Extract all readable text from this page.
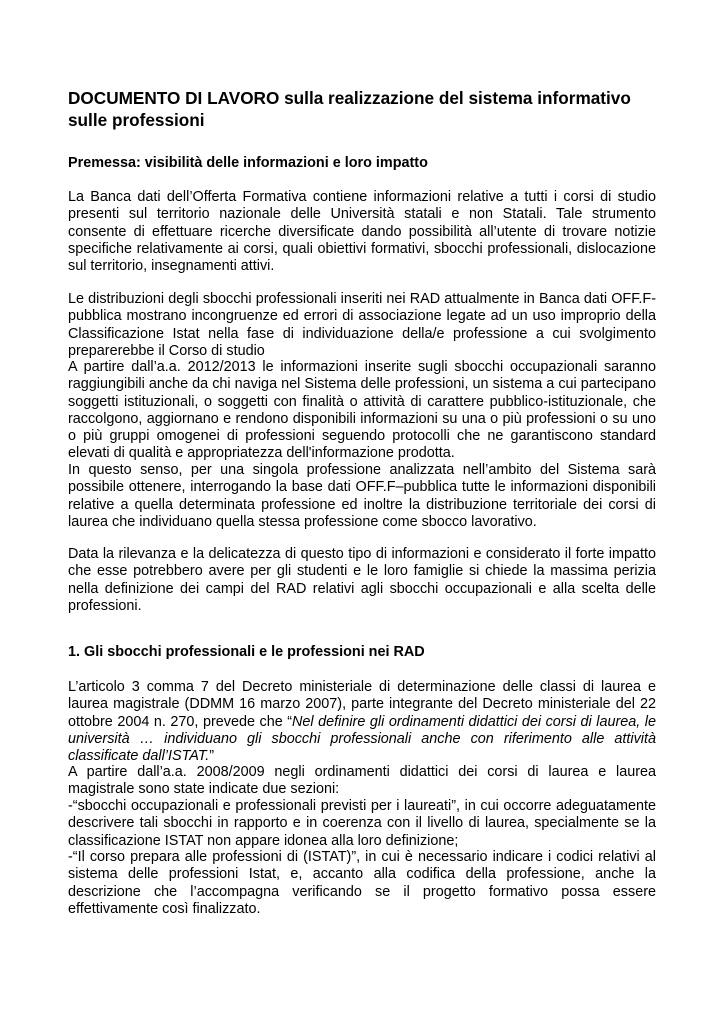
DOCUMENTO DI LAVORO sulla realizzazione del sistema informativo sulle professioni
Premessa: visibilità delle informazioni e loro impatto

La Banca dati dell’Offerta Formativa contiene informazioni relative a tutti i corsi di studio presenti sul territorio nazionale delle Università statali e non Statali. Tale strumento consente di effettuare ricerche diversificate dando possibilità all’utente di trovare notizie specifiche relativamente ai corsi, quali obiettivi formativi, sbocchi professionali, dislocazione sul territorio, insegnamenti attivi.

Le distribuzioni degli sbocchi professionali inseriti nei RAD attualmente in Banca dati OFF.F-pubblica mostrano incongruenze ed errori di associazione legate ad un uso improprio della Classificazione Istat nella fase di individuazione della/e professione a cui svolgimento preparerebbe il Corso di studio

A partire dall’a.a. 2012/2013 le informazioni inserite sugli sbocchi occupazionali saranno raggiungibili anche da chi naviga nel Sistema delle professioni, un sistema a cui partecipano soggetti istituzionali, o soggetti con finalità o attività di carattere pubblico-istituzionale, che raccolgono, aggiornano e rendono disponibili informazioni su una o più professioni o su uno o più gruppi omogenei di professioni seguendo protocolli che ne garantiscono standard elevati di qualità e appropriatezza dell'informazione prodotta.

In questo senso, per una singola professione analizzata nell’ambito del Sistema sarà possibile ottenere, interrogando la base dati OFF.F–pubblica tutte le informazioni disponibili relative a quella determinata professione ed inoltre la distribuzione territoriale dei corsi di laurea che individuano quella stessa professione come sbocco lavorativo.

Data la rilevanza e la delicatezza di questo tipo di informazioni e considerato il forte impatto che esse potrebbero avere per gli studenti e le loro famiglie si chiede la massima perizia nella definizione dei campi del RAD relativi agli sbocchi occupazionali e alla scelta delle professioni.

1. Gli sbocchi professionali e le professioni nei RAD

L’articolo 3 comma 7 del Decreto ministeriale di determinazione delle classi di laurea e laurea magistrale (DDMM 16 marzo 2007), parte integrante del Decreto ministeriale del 22 ottobre 2004 n. 270, prevede che “Nel definire gli ordinamenti didattici dei corsi di laurea, le università … individuano gli sbocchi professionali anche con riferimento alle attività classificate dall’ISTAT.”

A partire dall’a.a. 2008/2009 negli ordinamenti didattici dei corsi di laurea e laurea magistrale sono state indicate due sezioni:

-“sbocchi occupazionali e professionali previsti per i laureati”, in cui occorre adeguatamente descrivere tali sbocchi in rapporto e in coerenza con il livello di laurea, specialmente se la classificazione ISTAT non appare idonea alla loro definizione;

-“Il corso prepara alle professioni di (ISTAT)”, in cui è necessario indicare i codici relativi al sistema delle professioni Istat, e, accanto alla codifica della professione, anche la descrizione che l’accompagna verificando se il progetto formativo possa essere effettivamente così finalizzato.
